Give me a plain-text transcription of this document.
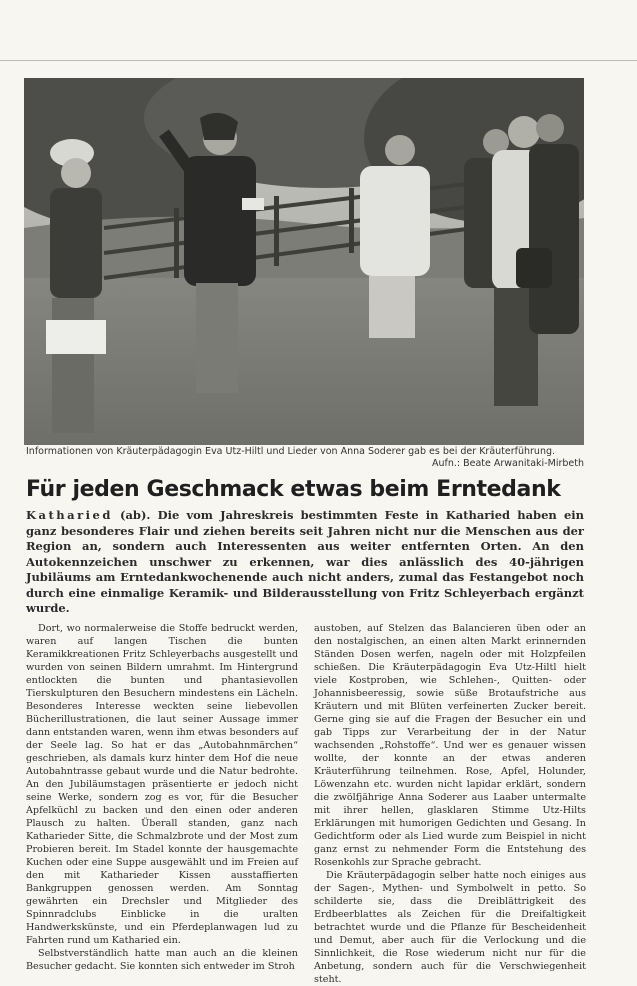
Informationen von Kräuterpädagogin Eva Utz-Hiltl und Lieder von Anna Soderer gab es bei der Kräuterführung.
Aufn.: Beate Arwanitaki-Mirbeth
Für jeden Geschmack etwas beim Erntedank
Katharied (ab). Die vom Jahreskreis bestimmten Feste in Katharied haben ein ganz besonderes Flair und ziehen bereits seit Jahren nicht nur die Menschen aus der Region an, sondern auch Interessenten aus weiter entfernten Orten. An den Autokennzeichen unschwer zu erkennen, war dies anlässlich des 40-jährigen Jubiläums am Erntedankwochenende auch nicht anders, zumal das Festangebot noch durch eine einmalige Keramik- und Bilderausstellung von Fritz Schleyerbach ergänzt wurde.

Dort, wo normalerweise die Stoffe bedruckt werden, waren auf langen Tischen die bunten Keramikkreationen Fritz Schleyerbachs ausgestellt und wurden von seinen Bildern umrahmt. Im Hintergrund entlockten die bunten und phantasievollen Tierskulpturen den Besuchern mindestens ein Lächeln. Besonderes Interesse weckten seine liebevollen Bücherillustrationen, die laut seiner Aussage immer dann entstanden waren, wenn ihm etwas besonders auf der Seele lag. So hat er das „Autobahnmärchen“ geschrieben, als damals kurz hinter dem Hof die neue Autobahntrasse gebaut wurde und die Natur bedrohte. An den Jubiläumstagen präsentierte er jedoch nicht seine Werke, sondern zog es vor, für die Besucher Apfelküchl zu backen und den einen oder anderen Plausch zu halten. Überall standen, ganz nach Katharieder Sitte, die Schmalzbrote und der Most zum Probieren bereit. Im Stadel konnte der hausgemachte Kuchen oder eine Suppe ausgewählt und im Freien auf den mit Katharieder Kissen ausstaffierten Bankgruppen genossen werden. Am Sonntag gewährten ein Drechsler und Mitglieder des Spinnradclubs Einblicke in die uralten Handwerkskünste, und ein Pferdeplanwagen lud zu Fahrten rund um Katharied ein.

Selbstverständlich hatte man auch an die kleinen Besucher gedacht. Sie konnten sich entweder im Stroh

austoben, auf Stelzen das Balancieren üben oder an den nostalgischen, an einen alten Markt erinnernden Ständen Dosen werfen, nageln oder mit Holzpfeilen schießen. Die Kräuterpädagogin Eva Utz-Hiltl hielt viele Kostproben, wie Schlehen-, Quitten- oder Johannisbeeressig, sowie süße Brotaufstriche aus Kräutern und mit Blüten verfeinerten Zucker bereit. Gerne ging sie auf die Fragen der Besucher ein und gab Tipps zur Verarbeitung der in der Natur wachsenden „Rohstoffe“. Und wer es genauer wissen wollte, der konnte an der etwas anderen Kräuterführung teilnehmen. Rose, Apfel, Holunder, Löwenzahn etc. wurden nicht lapidar erklärt, sondern die zwölfjährige Anna Soderer aus Laaber untermalte mit ihrer hellen, glasklaren Stimme Utz-Hilts Erklärungen mit humorigen Gedichten und Gesang. In Gedichtform oder als Lied wurde zum Beispiel in nicht ganz ernst zu nehmender Form die Entstehung des Rosenkohls zur Sprache gebracht.

Die Kräuterpädagogin selber hatte noch einiges aus der Sagen-, Mythen- und Symbolwelt in petto. So schilderte sie, dass die Dreiblättrigkeit des Erdbeerblattes als Zeichen für die Dreifaltigkeit betrachtet wurde und die Pflanze für Bescheidenheit und Demut, aber auch für die Verlockung und die Sinnlichkeit, die Rose wiederum nicht nur für die Anbetung, sondern auch für die Verschwiegenheit steht.
